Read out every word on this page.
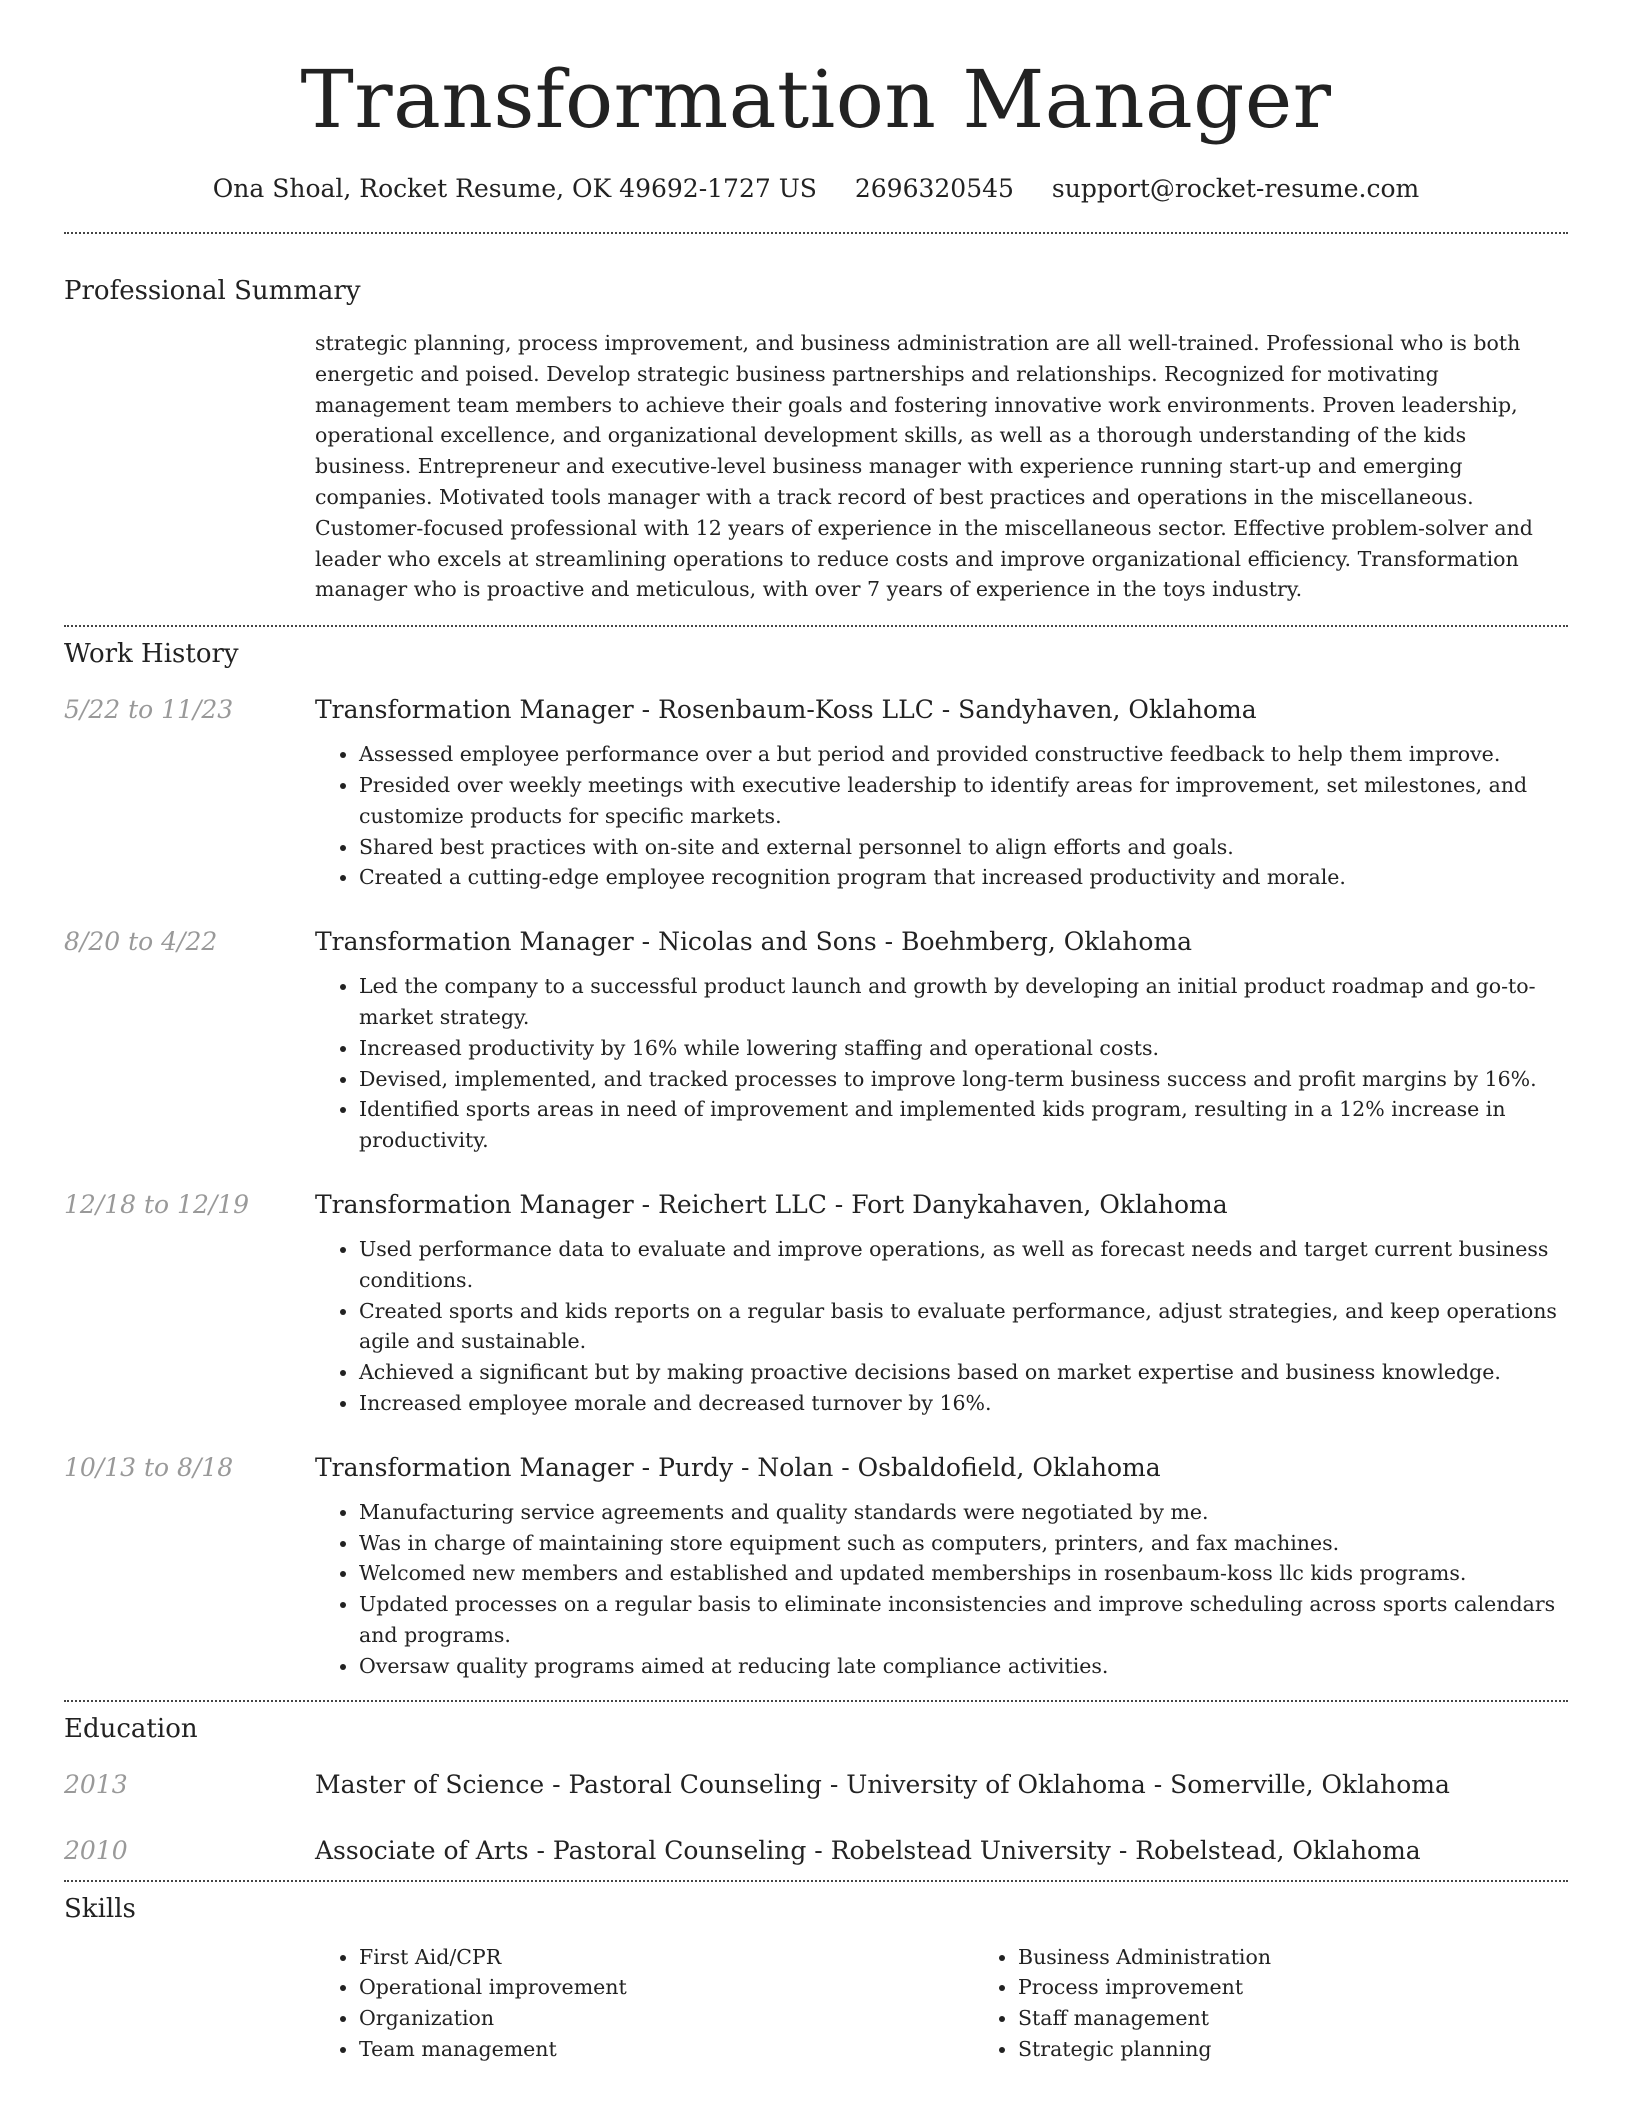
Transformation Manager
Ona Shoal, Rocket Resume, OK 49692-1727 US 2696320545 support@rocket-resume.com
Professional Summary

strategic planning, process improvement, and business administration are all well-trained. Professional who is both energetic and poised. Develop strategic business partnerships and relationships. Recognized for motivating management team members to achieve their goals and fostering innovative work environments. Proven leadership, operational excellence, and organizational development skills, as well as a thorough understanding of the kids business. Entrepreneur and executive-level business manager with experience running start-up and emerging companies. Motivated tools manager with a track record of best practices and operations in the miscellaneous. Customer-focused professional with 12 years of experience in the miscellaneous sector. Effective problem-solver and leader who excels at streamlining operations to reduce costs and improve organizational efficiency. Transformation manager who is proactive and meticulous, with over 7 years of experience in the toys industry.

Work History
5/22 to 11/23	Transformation Manager - Rosenbaum-Koss LLC - Sandyhaven, Oklahoma

• Assessed employee performance over a but period and provided constructive feedback to help them improve.
• Presided over weekly meetings with executive leadership to identify areas for improvement, set milestones, and customize products for specific markets.
• Shared best practices with on-site and external personnel to align efforts and goals.
• Created a cutting-edge employee recognition program that increased productivity and morale.
8/20 to 4/22	Transformation Manager - Nicolas and Sons - Boehmberg, Oklahoma

• Led the company to a successful product launch and growth by developing an initial product roadmap and go-to-market strategy.
• Increased productivity by 16% while lowering staffing and operational costs.
• Devised, implemented, and tracked processes to improve long-term business success and profit margins by 16%.
• Identified sports areas in need of improvement and implemented kids program, resulting in a 12% increase in productivity.
12/18 to 12/19	Transformation Manager - Reichert LLC - Fort Danykahaven, Oklahoma

• Used performance data to evaluate and improve operations, as well as forecast needs and target current business conditions.
• Created sports and kids reports on a regular basis to evaluate performance, adjust strategies, and keep operations agile and sustainable.
• Achieved a significant but by making proactive decisions based on market expertise and business knowledge.
• Increased employee morale and decreased turnover by 16%.
10/13 to 8/18	Transformation Manager - Purdy - Nolan - Osbaldofield, Oklahoma

• Manufacturing service agreements and quality standards were negotiated by me.
• Was in charge of maintaining store equipment such as computers, printers, and fax machines.
• Welcomed new members and established and updated memberships in rosenbaum-koss llc kids programs.
• Updated processes on a regular basis to eliminate inconsistencies and improve scheduling across sports calendars and programs.
• Oversaw quality programs aimed at reducing late compliance activities.
Education
2013	Master of Science - Pastoral Counseling - University of Oklahoma - Somerville, Oklahoma

2010	Associate of Arts - Pastoral Counseling - Robelstead University - Robelstead, Oklahoma

Skills
• First Aid/CPR
• Operational improvement
• Organization
• Team management
• Business Administration
• Process improvement
• Staff management
• Strategic planning
